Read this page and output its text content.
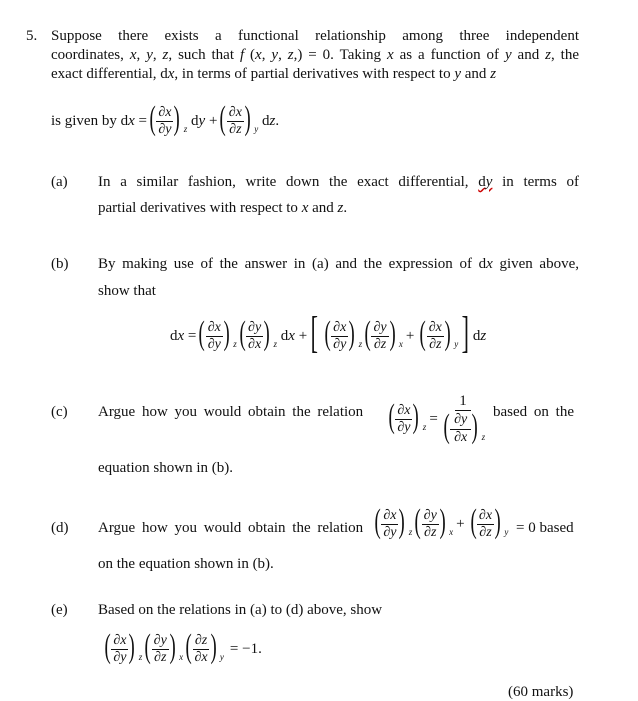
5. Suppose there exists a functional relationship among three independent
coordinates, x, y, z, such that f (x, y, z,) = 0. Taking x as a function of y and z, the
exact differential, dx, in terms of partial derivatives with respect to y and z
is given by dx = ( $\frac{\partial x}{\partial y}$ ) z
dy + ( $\frac{\partial x}{\partial z}$ ) y
dz .
(a) In a similar fashion, write down the exact differential, dy in terms of
partial derivatives with respect to x and z.
(b) By making use of the answer in (a) and the expression of dx given above,
show that
dx = ( $\frac{\partial x}{\partial y}$ ) z ( $\frac{\partial y}{\partial x}$ ) z
dx + [ ( $\frac{\partial x}{\partial y}$ ) z ( $\frac{\partial y}{\partial z}$ ) x
+ ( $\frac{\partial x}{\partial z}$ ) y ] dz
(c) Argue how you would obtain the relation ( $\frac{\partial x}{\partial y}$ ) z
= $\frac{1}{( \frac{\partial y}{\partial x} ) z}$ based on the
equation shown in (b).
(d) Argue how you would obtain the relation ( $\frac{\partial x}{\partial y}$ ) z ( $\frac{\partial y}{\partial z}$ ) x
+ ( $\frac{\partial x}{\partial z}$ ) y = 0 based
on the equation shown in (b).
(e) Based on the relations in (a) to (d) above, show
( $\frac{\partial x}{\partial y}$ ) z ( $\frac{\partial y}{\partial z}$ ) x ( $\frac{\partial z}{\partial x}$ ) y
= −1.
(60 marks)
